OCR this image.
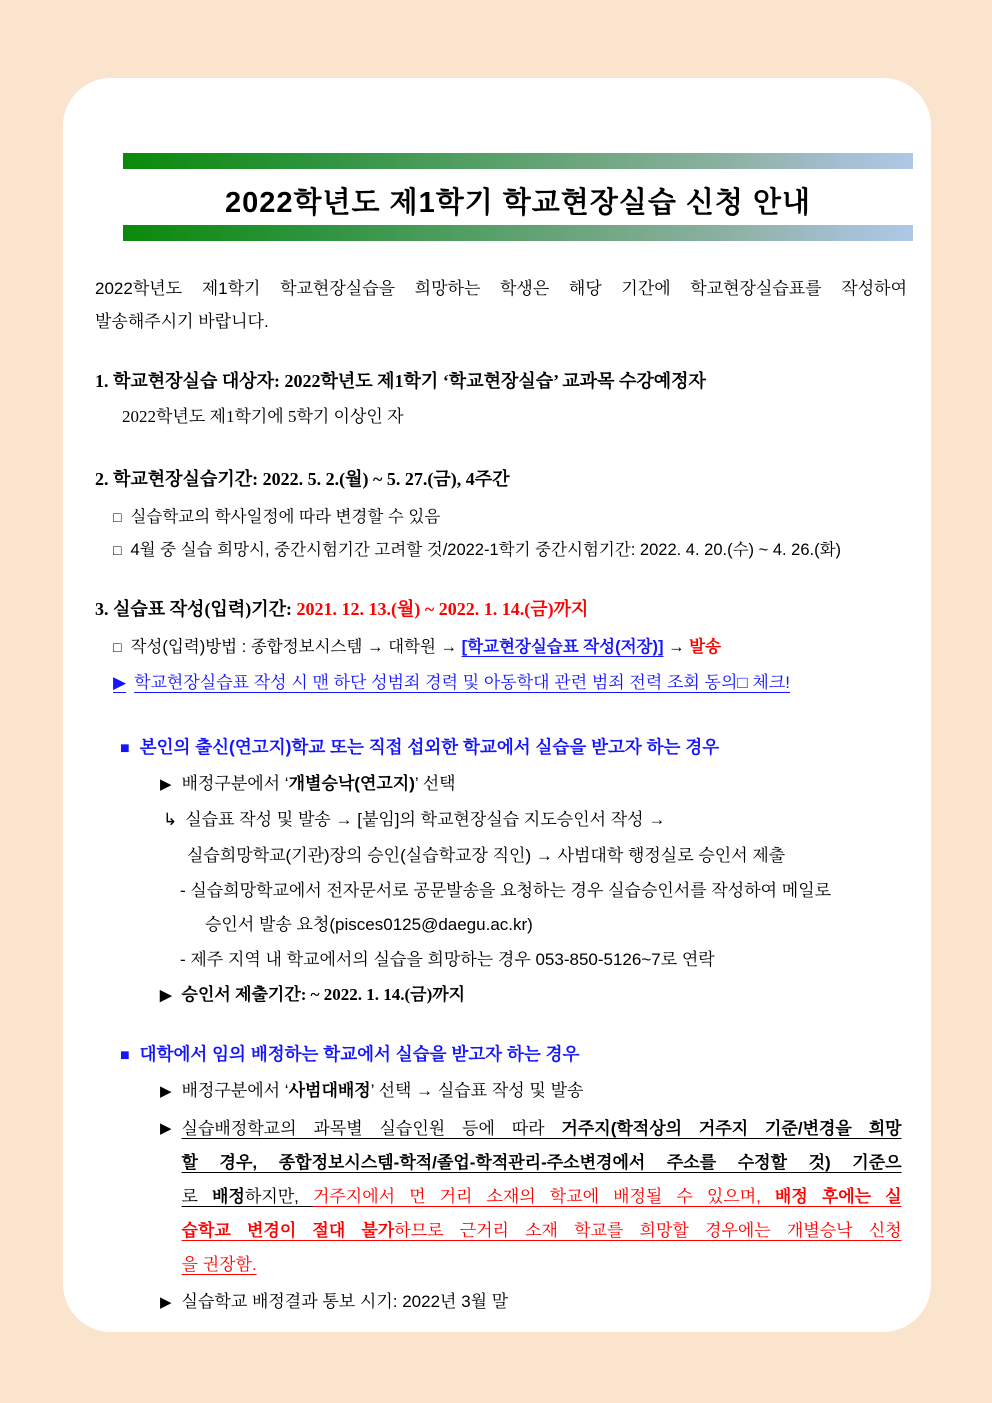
2022학년도 제1학기 학교현장실습 신청 안내
2022학년도 제1학기 학교현장실습을 희망하는 학생은 해당 기간에 학교현장실습표를 작성하여
발송해주시기 바랍니다.
1. 학교현장실습 대상자: 2022학년도 제1학기 ‘학교현장실습’ 교과목 수강예정자
2022학년도 제1학기에 5학기 이상인 자
2. 학교현장실습기간: 2022. 5. 2.(월) ~ 5. 27.(금), 4주간
□ 실습학교의 학사일정에 따라 변경할 수 있음
□ 4월 중 실습 희망시, 중간시험기간 고려할 것/2022-1학기 중간시험기간: 2022. 4. 20.(수) ~ 4. 26.(화)
3. 실습표 작성(입력)기간: 2021. 12. 13.(월) ~ 2022. 1. 14.(금)까지
□ 작성(입력)방법 : 종합정보시스템 → 대학원 → [학교현장실습표 작성(저장)] → 발송
▶ 학교현장실습표 작성 시 맨 하단 성범죄 경력 및 아동학대 관련 범죄 전력 조회 동의□ 체크!
■ 본인의 출신(연고지)학교 또는 직접 섭외한 학교에서 실습을 받고자 하는 경우
▶ 배정구분에서 ‘개별승낙(연고지)’ 선택
↳ 실습표 작성 및 발송 → [붙임]의 학교현장실습 지도승인서 작성 →
실습희망학교(기관)장의 승인(실습학교장 직인) → 사범대학 행정실로 승인서 제출
- 실습희망학교에서 전자문서로 공문발송을 요청하는 경우 실습승인서를 작성하여 메일로
승인서 발송 요청(pisces0125@daegu.ac.kr)
- 제주 지역 내 학교에서의 실습을 희망하는 경우 053-850-5126~7로 연락
▶ 승인서 제출기간: ~ 2022. 1. 14.(금)까지
■ 대학에서 임의 배정하는 학교에서 실습을 받고자 하는 경우
▶ 배정구분에서 ‘사범대배정’ 선택 → 실습표 작성 및 발송
▶ 실습배정학교의 과목별 실습인원 등에 따라 거주지(학적상의 거주지 기준/변경을 희망
할 경우, 종합정보시스템-학적/졸업-학적관리-주소변경에서 주소를 수정할 것) 기준으
로 배정하지만, 거주지에서 먼 거리 소재의 학교에 배정될 수 있으며, 배정 후에는 실
습학교 변경이 절대 불가하므로 근거리 소재 학교를 희망할 경우에는 개별승낙 신청
을 권장함.
▶ 실습학교 배정결과 통보 시기: 2022년 3월 말
